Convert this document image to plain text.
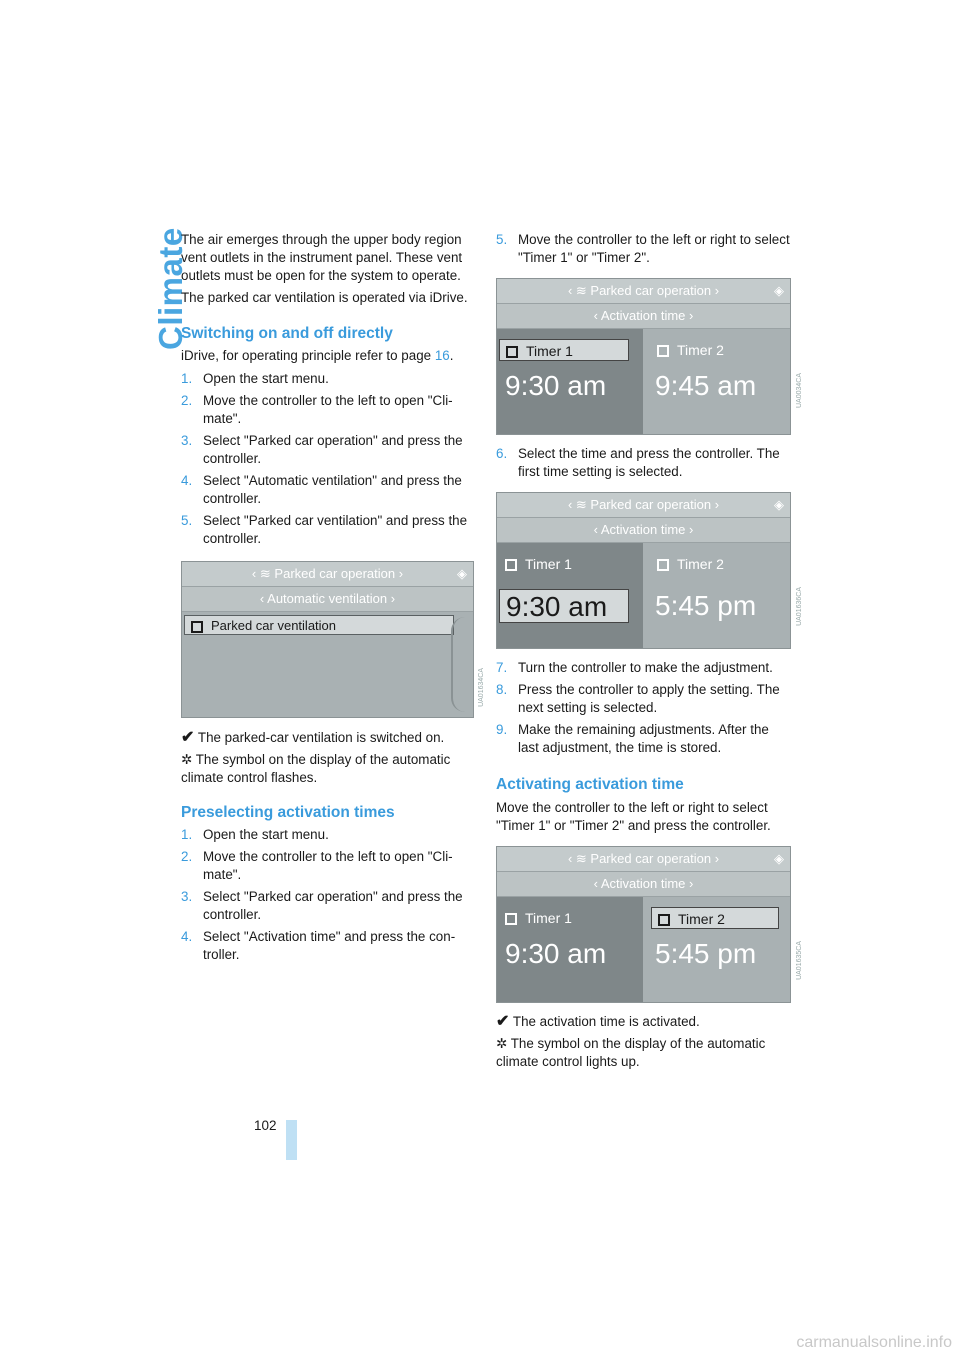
Climate
The air emerges through the upper body region vent outlets in the instrument panel. These vent outlets must be open for the system to operate.
The parked car ventilation is operated via iDrive.
Switching on and off directly
iDrive, for operating principle refer to page 16.
1. Open the start menu.
2. Move the controller to the left to open "Cli-mate".
3. Select "Parked car operation" and press the controller.
4. Select "Automatic ventilation" and press the controller.
5. Select "Parked car ventilation" and press the controller.
‹ ≋ Parked car operation ›	◈
‹ Automatic ventilation ›
Parked car ventilation
UA01634CA
✔ The parked-car ventilation is switched on.
✲ The symbol on the display of the automatic climate control flashes.
Preselecting activation times
1. Open the start menu.
2. Move the controller to the left to open "Cli-mate".
3. Select "Parked car operation" and press the controller.
4. Select "Activation time" and press the con-troller.
5. Move the controller to the left or right to select "Timer 1" or "Timer 2".
‹ ≋ Parked car operation ›	◈
‹ Activation time ›
Timer 1	Timer 2
9:30 am	9:45 am	UA0034CA
6. Select the time and press the controller. The first time setting is selected.
‹ ≋ Parked car operation ›	◈
‹ Activation time ›
Timer 1	Timer 2
9:30 am	5:45 pm	UA01636CA
7. Turn the controller to make the adjustment.
8. Press the controller to apply the setting. The next setting is selected.
9. Make the remaining adjustments. After the last adjustment, the time is stored.
Activating activation time
Move the controller to the left or right to select "Timer 1" or "Timer 2" and press the controller.
‹ ≋ Parked car operation ›	◈
‹ Activation time ›
Timer 1	Timer 2
9:30 am	5:45 pm	UA01635CA
✔ The activation time is activated.
✲ The symbol on the display of the automatic climate control lights up.
102
carmanualsonline.info
